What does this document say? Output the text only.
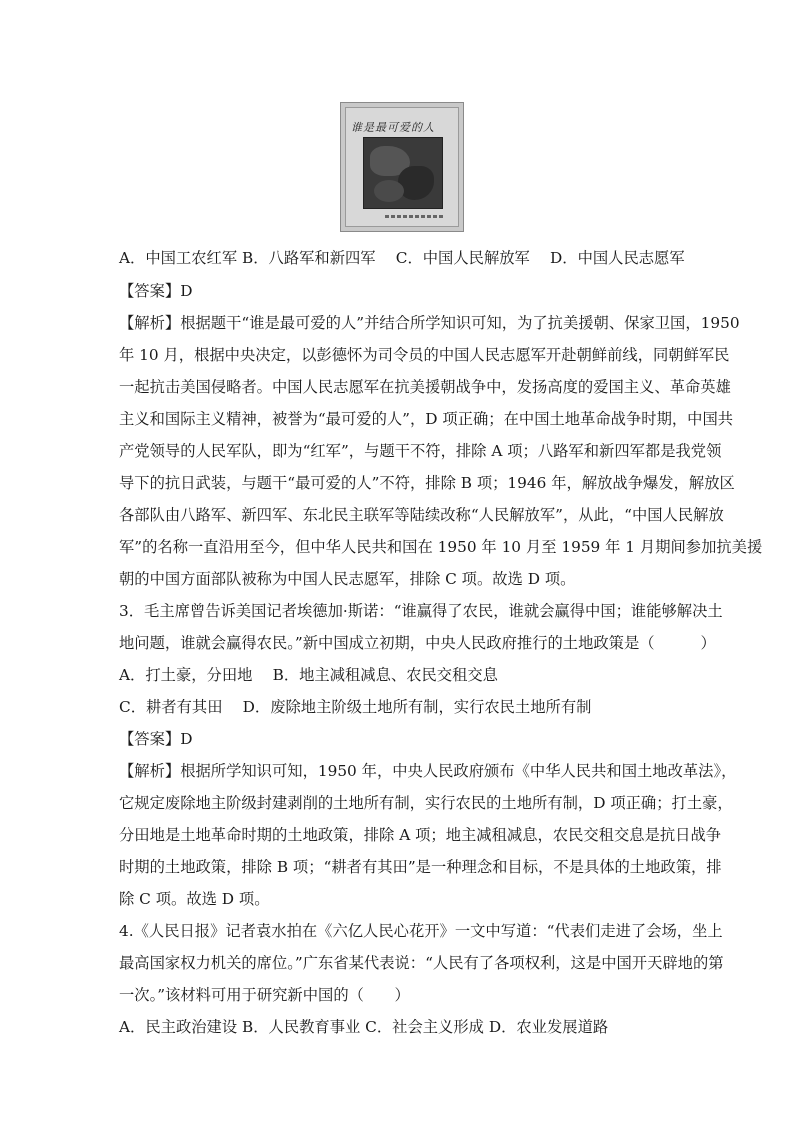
谁是最可爱的人
A．中国工农红军 B．八路军和新四军　 C．中国人民解放军　 D．中国人民志愿军
【答案】D
【解析】根据题干“谁是最可爱的人”并结合所学知识可知，为了抗美援朝、保家卫国，1950
年 10 月，根据中央决定，以彭德怀为司令员的中国人民志愿军开赴朝鲜前线，同朝鲜军民
一起抗击美国侵略者。中国人民志愿军在抗美援朝战争中，发扬高度的爱国主义、革命英雄
主义和国际主义精神，被誉为“最可爱的人”，D 项正确；在中国土地革命战争时期，中国共
产党领导的人民军队，即为“红军”，与题干不符，排除 A 项；八路军和新四军都是我党领
导下的抗日武装，与题干“最可爱的人”不符，排除 B 项；1946 年，解放战争爆发，解放区
各部队由八路军、新四军、东北民主联军等陆续改称“人民解放军”，从此，“中国人民解放
军”的名称一直沿用至今，但中华人民共和国在 1950 年 10 月至 1959 年 1 月期间参加抗美援
朝的中国方面部队被称为中国人民志愿军，排除 C 项。故选 D 项。
3．毛主席曾告诉美国记者埃德加·斯诺：“谁赢得了农民，谁就会赢得中国；谁能够解决土
地问题，谁就会赢得农民。”新中国成立初期，中央人民政府推行的土地政策是（　　　）
A．打土豪，分田地　 B．地主减租减息、农民交租交息
C．耕者有其田　 D．废除地主阶级土地所有制，实行农民土地所有制
【答案】D
【解析】根据所学知识可知，1950 年，中央人民政府颁布《中华人民共和国土地改革法》，
它规定废除地主阶级封建剥削的土地所有制，实行农民的土地所有制，D 项正确；打土豪，
分田地是土地革命时期的土地政策，排除 A 项；地主减租减息，农民交租交息是抗日战争
时期的土地政策，排除 B 项；“耕者有其田”是一种理念和目标，不是具体的土地政策，排
除 C 项。故选 D 项。
4.《人民日报》记者袁水拍在《六亿人民心花开》一文中写道：“代表们走进了会场，坐上
最高国家权力机关的席位。”广东省某代表说：“人民有了各项权利，这是中国开天辟地的第
一次。”该材料可用于研究新中国的（　　）
A．民主政治建设 B．人民教育事业 C．社会主义形成 D．农业发展道路
